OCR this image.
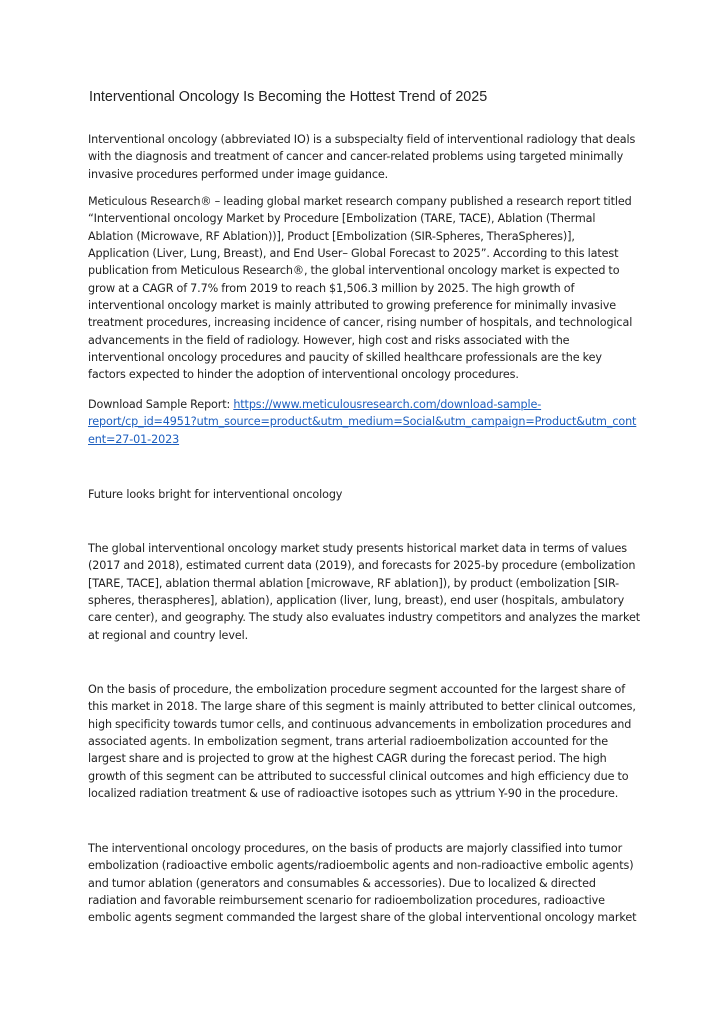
Interventional Oncology Is Becoming the Hottest Trend of 2025

Interventional oncology (abbreviated IO) is a subspecialty field of interventional radiology that deals
with the diagnosis and treatment of cancer and cancer-related problems using targeted minimally
invasive procedures performed under image guidance.

Meticulous Research® – leading global market research company published a research report titled
“Interventional oncology Market by Procedure [Embolization (TARE, TACE), Ablation (Thermal
Ablation (Microwave, RF Ablation))], Product [Embolization (SIR-Spheres, TheraSpheres)],
Application (Liver, Lung, Breast), and End User– Global Forecast to 2025”. According to this latest
publication from Meticulous Research®, the global interventional oncology market is expected to
grow at a CAGR of 7.7% from 2019 to reach $1,506.3 million by 2025. The high growth of
interventional oncology market is mainly attributed to growing preference for minimally invasive
treatment procedures, increasing incidence of cancer, rising number of hospitals, and technological
advancements in the field of radiology. However, high cost and risks associated with the
interventional oncology procedures and paucity of skilled healthcare professionals are the key
factors expected to hinder the adoption of interventional oncology procedures.

Download Sample Report: https://www.meticulousresearch.com/download-sample-
report/cp_id=4951?utm_source=product&utm_medium=Social&utm_campaign=Product&utm_cont
ent=27-01-2023

Future looks bright for interventional oncology

The global interventional oncology market study presents historical market data in terms of values
(2017 and 2018), estimated current data (2019), and forecasts for 2025-by procedure (embolization
[TARE, TACE], ablation thermal ablation [microwave, RF ablation]), by product (embolization [SIR-
spheres, theraspheres], ablation), application (liver, lung, breast), end user (hospitals, ambulatory
care center), and geography. The study also evaluates industry competitors and analyzes the market
at regional and country level.

On the basis of procedure, the embolization procedure segment accounted for the largest share of
this market in 2018. The large share of this segment is mainly attributed to better clinical outcomes,
high specificity towards tumor cells, and continuous advancements in embolization procedures and
associated agents. In embolization segment, trans arterial radioembolization accounted for the
largest share and is projected to grow at the highest CAGR during the forecast period. The high
growth of this segment can be attributed to successful clinical outcomes and high efficiency due to
localized radiation treatment & use of radioactive isotopes such as yttrium Y-90 in the procedure.

The interventional oncology procedures, on the basis of products are majorly classified into tumor
embolization (radioactive embolic agents/radioembolic agents and non-radioactive embolic agents)
and tumor ablation (generators and consumables & accessories). Due to localized & directed
radiation and favorable reimbursement scenario for radioembolization procedures, radioactive
embolic agents segment commanded the largest share of the global interventional oncology market
